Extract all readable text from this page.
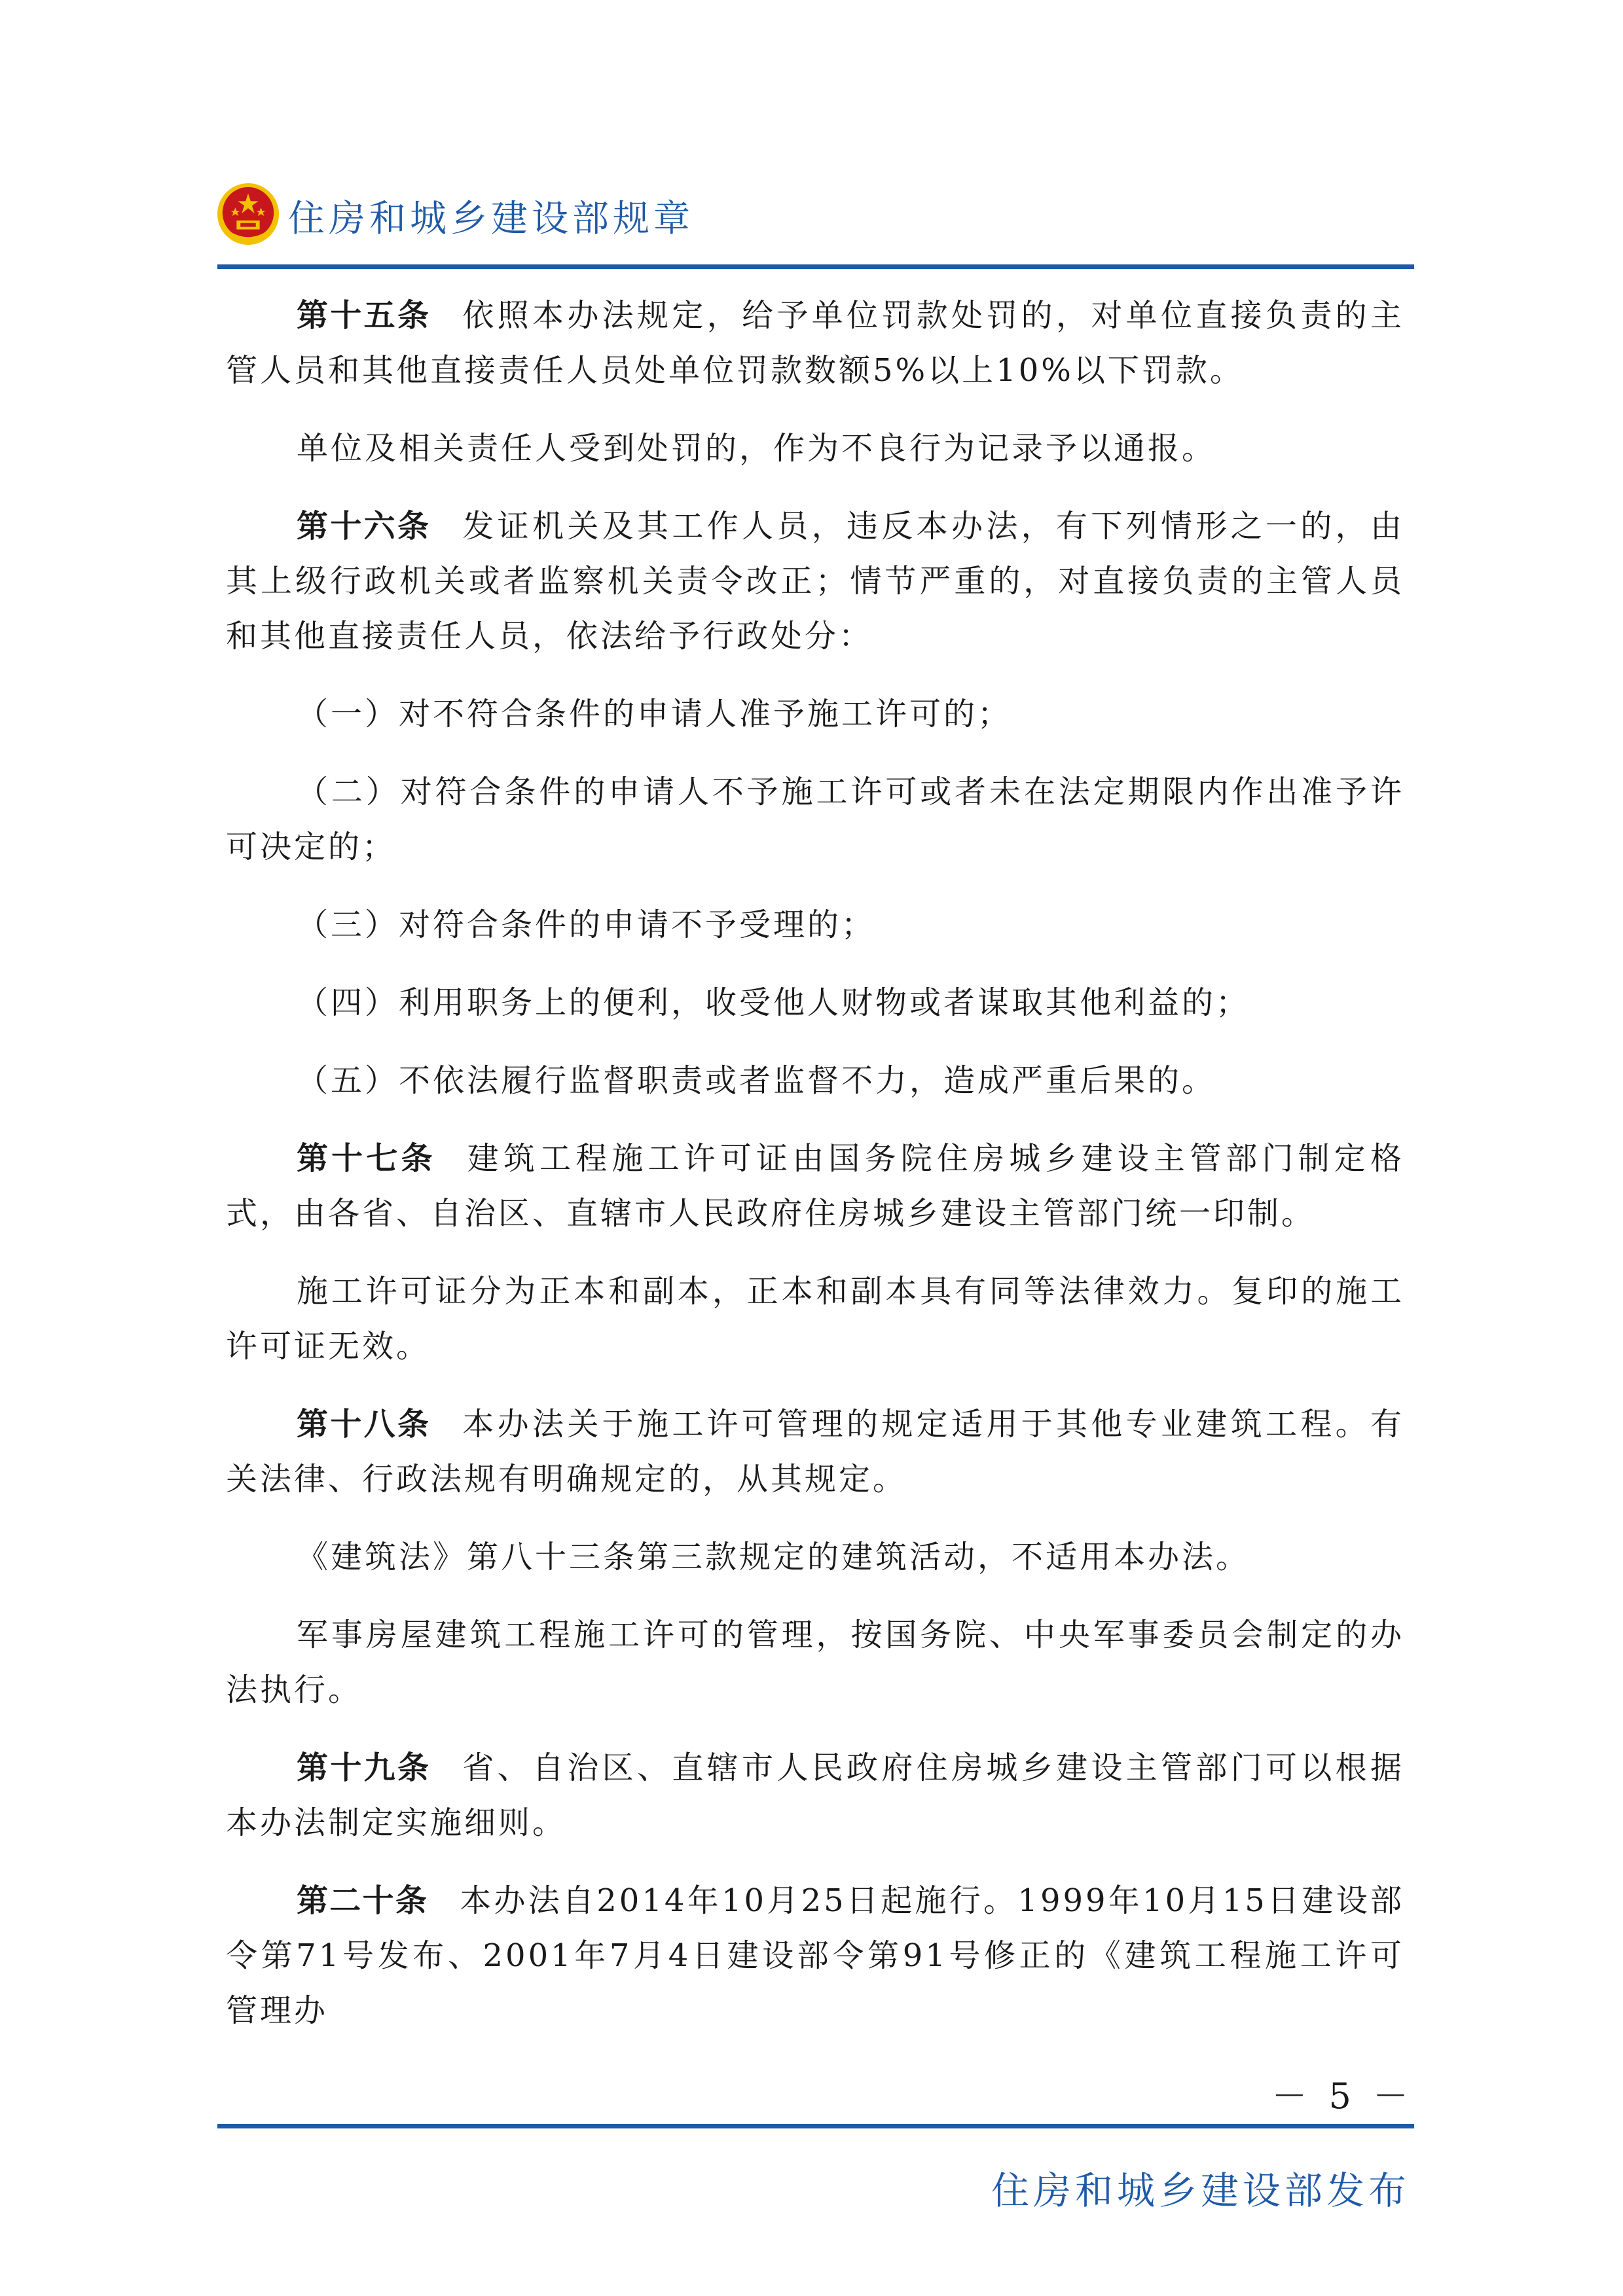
住房和城乡建设部规章

第十五条 依照本办法规定，给予单位罚款处罚的，对单位直接负责的主管人员和其他直接责任人员处单位罚款数额5%以上10%以下罚款。

单位及相关责任人受到处罚的，作为不良行为记录予以通报。

第十六条 发证机关及其工作人员，违反本办法，有下列情形之一的，由其上级行政机关或者监察机关责令改正；情节严重的，对直接负责的主管人员和其他直接责任人员，依法给予行政处分：

（一）对不符合条件的申请人准予施工许可的；

（二）对符合条件的申请人不予施工许可或者未在法定期限内作出准予许可决定的；

（三）对符合条件的申请不予受理的；

（四）利用职务上的便利，收受他人财物或者谋取其他利益的；

（五）不依法履行监督职责或者监督不力，造成严重后果的。

第十七条 建筑工程施工许可证由国务院住房城乡建设主管部门制定格式，由各省、自治区、直辖市人民政府住房城乡建设主管部门统一印制。

施工许可证分为正本和副本，正本和副本具有同等法律效力。复印的施工许可证无效。

第十八条 本办法关于施工许可管理的规定适用于其他专业建筑工程。有关法律、行政法规有明确规定的，从其规定。

《建筑法》第八十三条第三款规定的建筑活动，不适用本办法。

军事房屋建筑工程施工许可的管理，按国务院、中央军事委员会制定的办法执行。

第十九条 省、自治区、直辖市人民政府住房城乡建设主管部门可以根据本办法制定实施细则。

第二十条 本办法自2014年10月25日起施行。1999年10月15日建设部令第71号发布、2001年7月4日建设部令第91号修正的《建筑工程施工许可管理办

－ 5 －
住房和城乡建设部发布
